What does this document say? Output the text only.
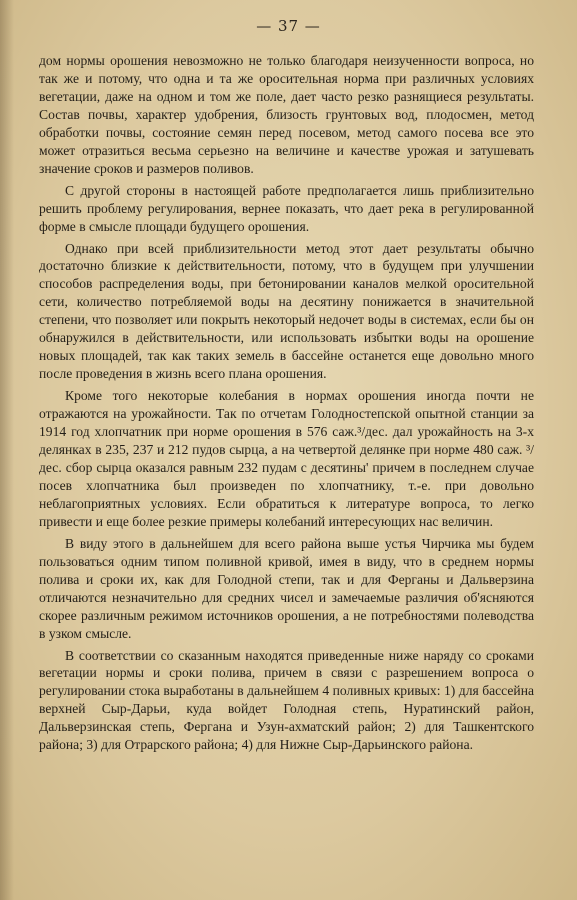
— 37 —

дом нормы орошения невозможно не только благодаря неизученности вопроса, но так же и потому, что одна и та же оросительная норма при различных условиях вегетации, даже на одном и том же поле, дает часто резко разнящиеся результаты. Состав почвы, характер удобрения, близость грунтовых вод, плодосмен, метод обработки почвы, состояние семян перед посевом, метод самого посева все это может отразиться весьма серьезно на величине и качестве урожая и затушевать значение сроков и размеров поливов.

С другой стороны в настоящей работе предполагается лишь приблизительно решить проблему регулирования, вернее показать, что дает река в регулированной форме в смысле площади будущего орошения.

Однако при всей приблизительности метод этот дает результаты обычно достаточно близкие к действительности, потому, что в будущем при улучшении способов распределения воды, при бетонировании каналов мелкой оросительной сети, количество потребляемой воды на десятину понижается в значительной степени, что позволяет или покрыть некоторый недочет воды в системах, если бы он обнаружился в действительности, или использовать избытки воды на орошение новых площадей, так как таких земель в бассейне останется еще довольно много после проведения в жизнь всего плана орошения.

Кроме того некоторые колебания в нормах орошения иногда почти не отражаются на урожайности. Так по отчетам Голодностепской опытной станции за 1914 год хлопчатник при норме орошения в 576 саж.³/дес. дал урожайность на 3-х делянках в 235, 237 и 212 пудов сырца, а на четвертой делянке при норме 480 саж. ³/дес. сбор сырца оказался равным 232 пудам с десятины' причем в последнем случае посев хлопчатника был произведен по хлопчатнику, т.-е. при довольно неблагоприятных условиях. Если обратиться к литературе вопроса, то легко привести и еще более резкие примеры колебаний интересующих нас величин.

В виду этого в дальнейшем для всего района выше устья Чирчика мы будем пользоваться одним типом поливной кривой, имея в виду, что в среднем нормы полива и сроки их, как для Голодной степи, так и для Ферганы и Дальверзина отличаются незначительно для средних чисел и замечаемые различия об'ясняются скорее различным режимом источников орошения, а не потребностями полеводства в узком смысле.

В соответствии со сказанным находятся приведенные ниже наряду со сроками вегетации нормы и сроки полива, причем в связи с разрешением вопроса о регулировании стока выработаны в дальнейшем 4 поливных кривых: 1) для бассейна верхней Сыр-Дарьи, куда войдет Голодная степь, Нуратинский район, Дальверзинская степь, Фергана и Узун-ахматский район; 2) для Ташкентского района; 3) для Отрарского района; 4) для Нижне Сыр-Дарьинского района.
